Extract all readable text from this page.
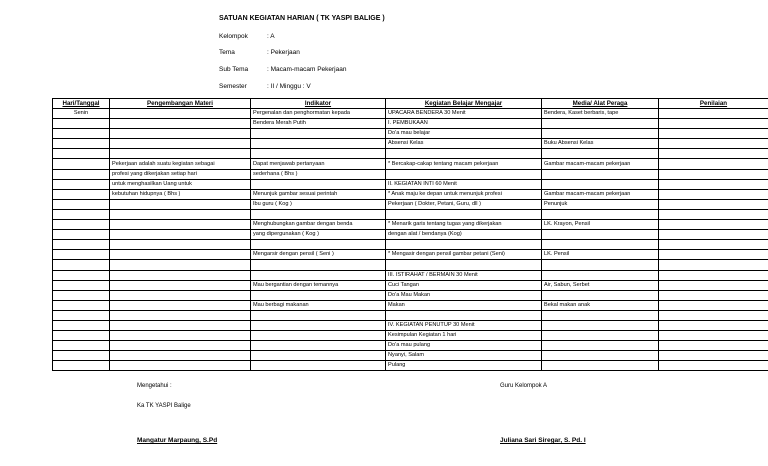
SATUAN KEGIATAN HARIAN ( TK YASPI BALIGE )
Kelompok	: A
Tema	: Pekerjaan
Sub Tema	: Macam-macam Pekerjaan
Semester	: II / Minggu : V
Hari/Tanggal	Pengembangan Materi	Indikator	Kegiatan Belajar Mengajar	Media/ Alat Peraga	Penilaian
Senin		Pergenalan dan penghormatan kepada	UPACARA BENDERA 30 Menit	Bendera, Kaset berbaris, tape	
		Bendera Merah Putih	I. PEMBUKAAN		
			Do'a mau belajar		
			Absensi Kelas	Buku Absensi Kelas	

	Pekerjaan adalah suatu kegiatan sebagai	Dapat menjawab pertanyaan	* Bercakap-cakap tentang macam pekerjaan	Gambar macam-macam pekerjaan	
	profesi yang dikerjakan setiap hari	sederhana ( Bhs )			
	untuk menghasilkan Uang untuk		II. KEGIATAN INTI 60 Menit		
	kebutuhan hidupnya ( Bhs )	Menunjuk gambar sesuai perintah	* Anak maju ke depan untuk menunjuk profesi	Gambar macam-macam pekerjaan	
		Ibu guru ( Kog )	Pekerjaan ( Dokter, Petani, Guru, dll )	Penunjuk	

		Menghubungkan gambar dengan benda	* Menarik garis tentang tugas yang dikerjakan	LK. Krayon, Pensil	
		yang dipergunakan ( Kog )	dengan alat / bendanya (Kog)		

		Mengarsir dengan pensil ( Seni )	* Mengasir dengan pensil gambar petani (Seni)	LK. Pensil	

			III. ISTIRAHAT / BERMAIN 30 Menit		
		Mau bergantian dengan temannya	Cuci Tangan	Air, Sabun, Serbet	
			Do'a Mau Makan		
		Mau berbagi makanan	Makan	Bekal makan anak	

			IV. KEGIATAN PENUTUP 30 Menit		
			Kesimpulan Kegiatan 1 hari		
			Do'a mau pulang		
			Nyanyi, Salam		
			Pulang		
Mengetahui :
Ka TK YASPI Balige
Mangatur Marpaung, S.Pd
Guru Kelompok A
Juliana Sari Siregar, S. Pd. I
